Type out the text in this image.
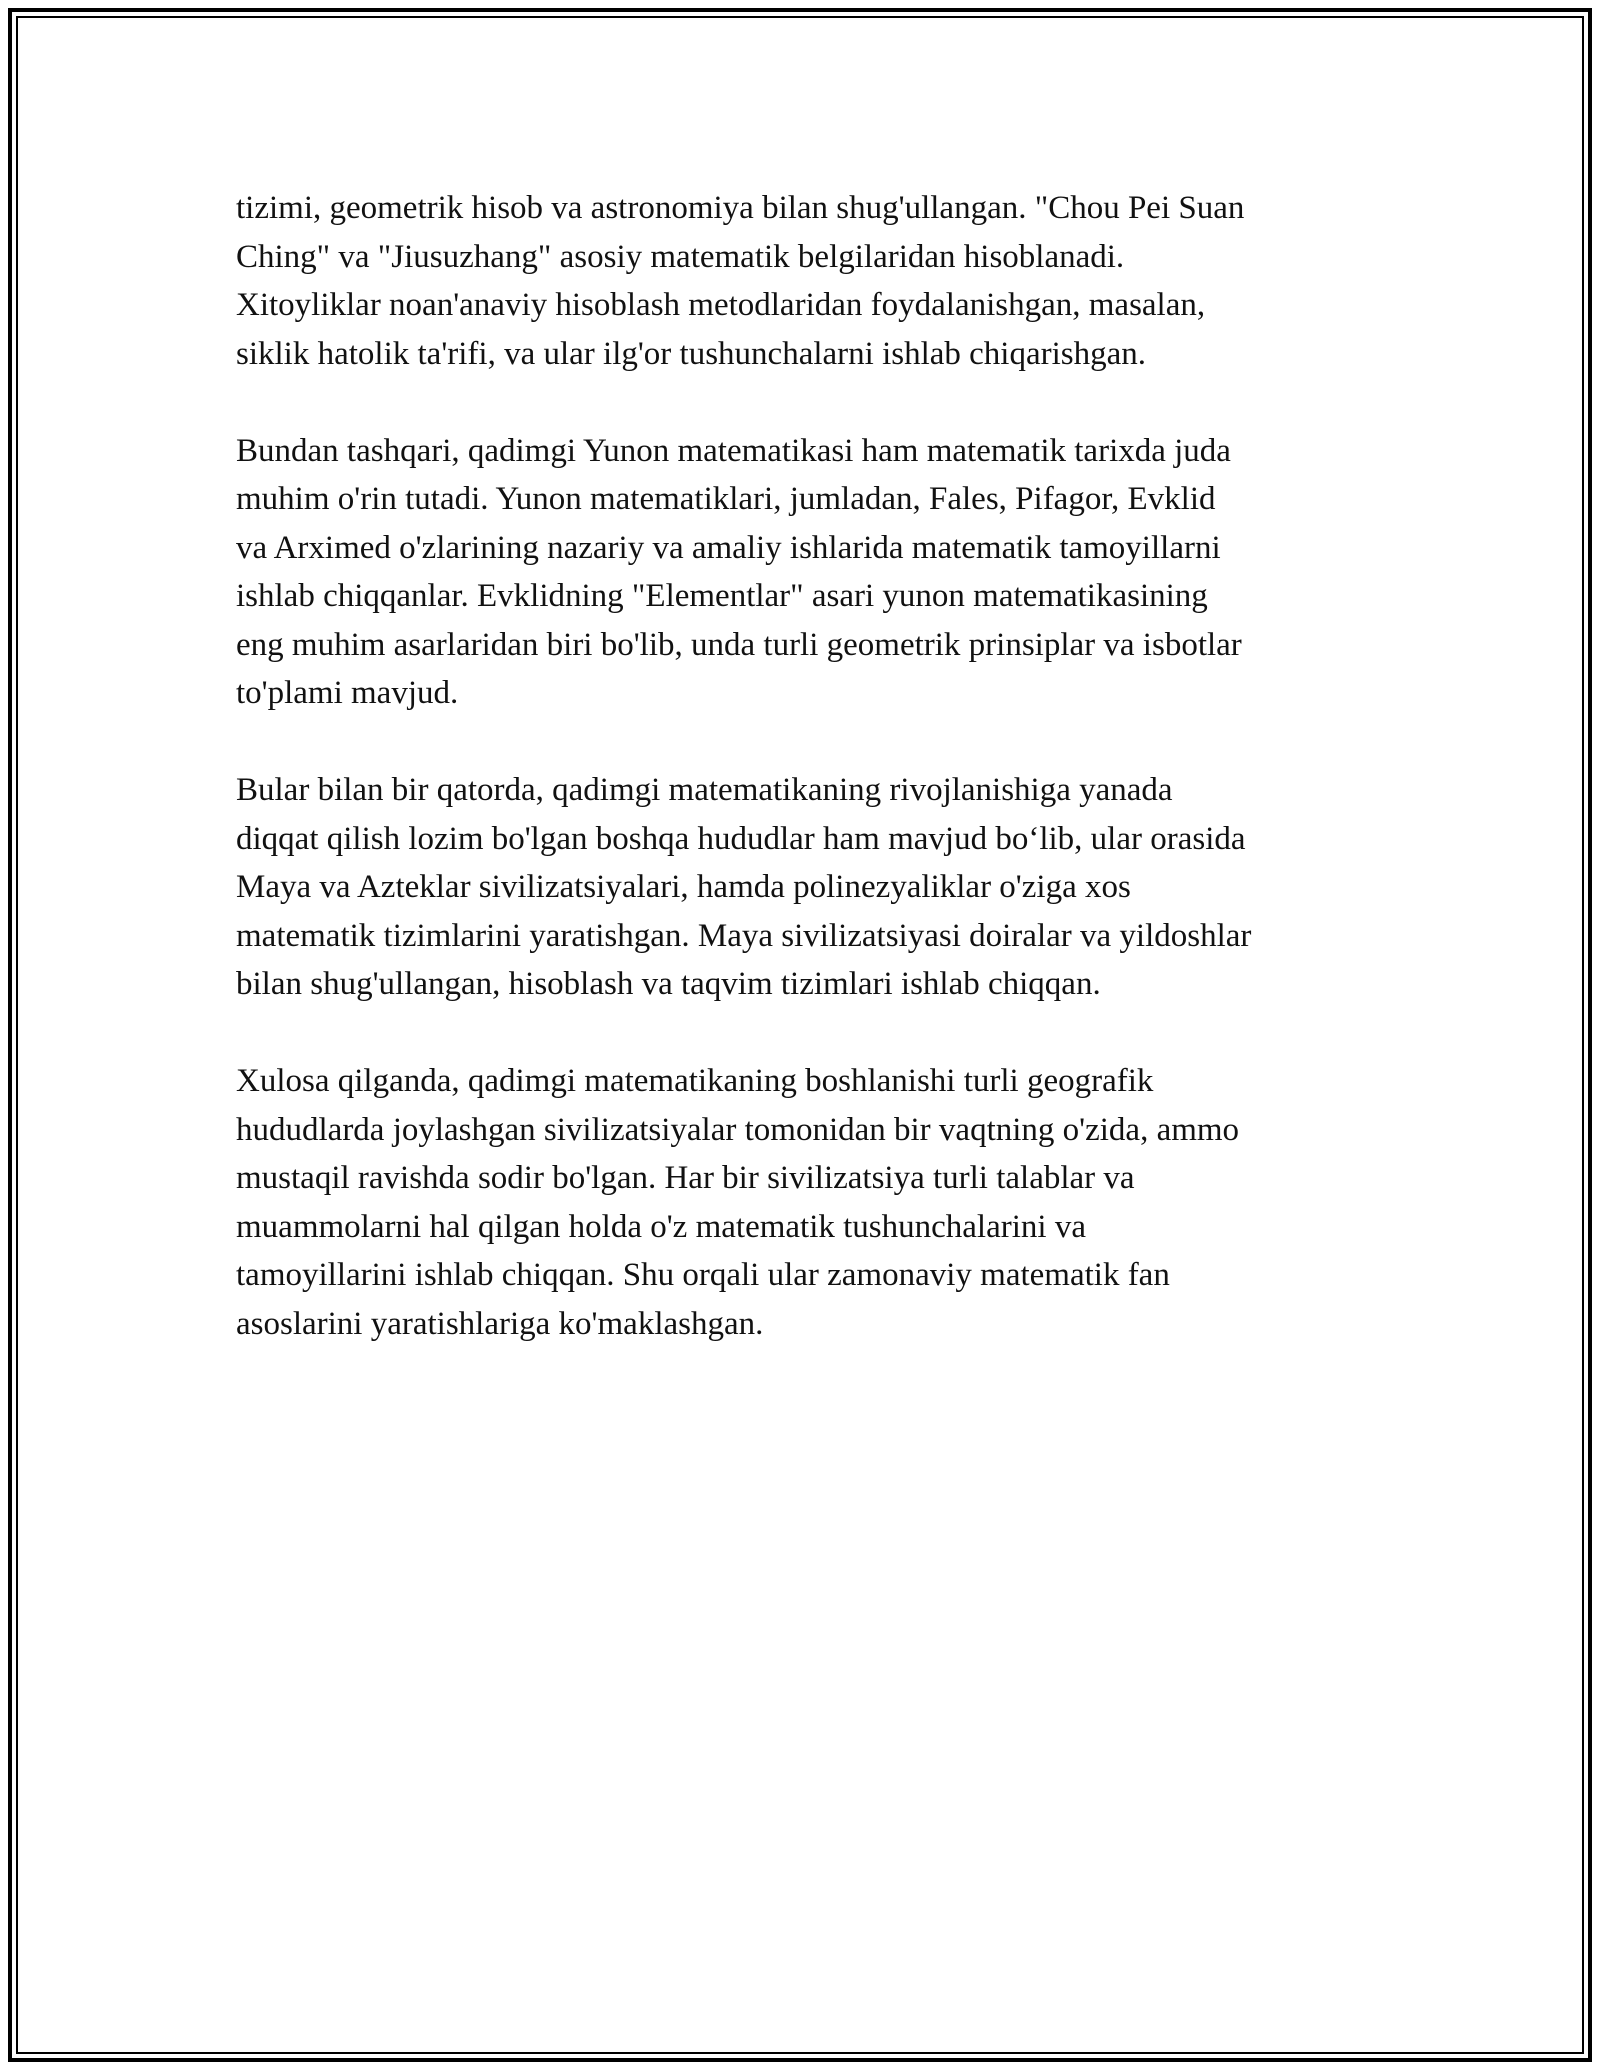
tizimi, geometrik hisob va astronomiya bilan shug'ullangan. "Chou Pei Suan
Ching" va "Jiusuzhang" asosiy matematik belgilaridan hisoblanadi.
Xitoyliklar noan'anaviy hisoblash metodlaridan foydalanishgan, masalan,
siklik hatolik ta'rifi, va ular ilg'or tushunchalarni ishlab chiqarishgan.

Bundan tashqari, qadimgi Yunon matematikasi ham matematik tarixda juda
muhim o'rin tutadi. Yunon matematiklari, jumladan, Fales, Pifagor, Evklid
va Arximed o'zlarining nazariy va amaliy ishlarida matematik tamoyillarni
ishlab chiqqanlar. Evklidning "Elementlar" asari yunon matematikasining
eng muhim asarlaridan biri bo'lib, unda turli geometrik prinsiplar va isbotlar
to'plami mavjud.

Bular bilan bir qatorda, qadimgi matematikaning rivojlanishiga yanada
diqqat qilish lozim bo'lgan boshqa hududlar ham mavjud bo‘lib, ular orasida
Maya va Azteklar sivilizatsiyalari, hamda polinezyaliklar o'ziga xos
matematik tizimlarini yaratishgan. Maya sivilizatsiyasi doiralar va yildoshlar
bilan shug'ullangan, hisoblash va taqvim tizimlari ishlab chiqqan.

Xulosa qilganda, qadimgi matematikaning boshlanishi turli geografik
hududlarda joylashgan sivilizatsiyalar tomonidan bir vaqtning o'zida, ammo
mustaqil ravishda sodir bo'lgan. Har bir sivilizatsiya turli talablar va
muammolarni hal qilgan holda o'z matematik tushunchalarini va
tamoyillarini ishlab chiqqan. Shu orqali ular zamonaviy matematik fan
asoslarini yaratishlariga ko'maklashgan.
